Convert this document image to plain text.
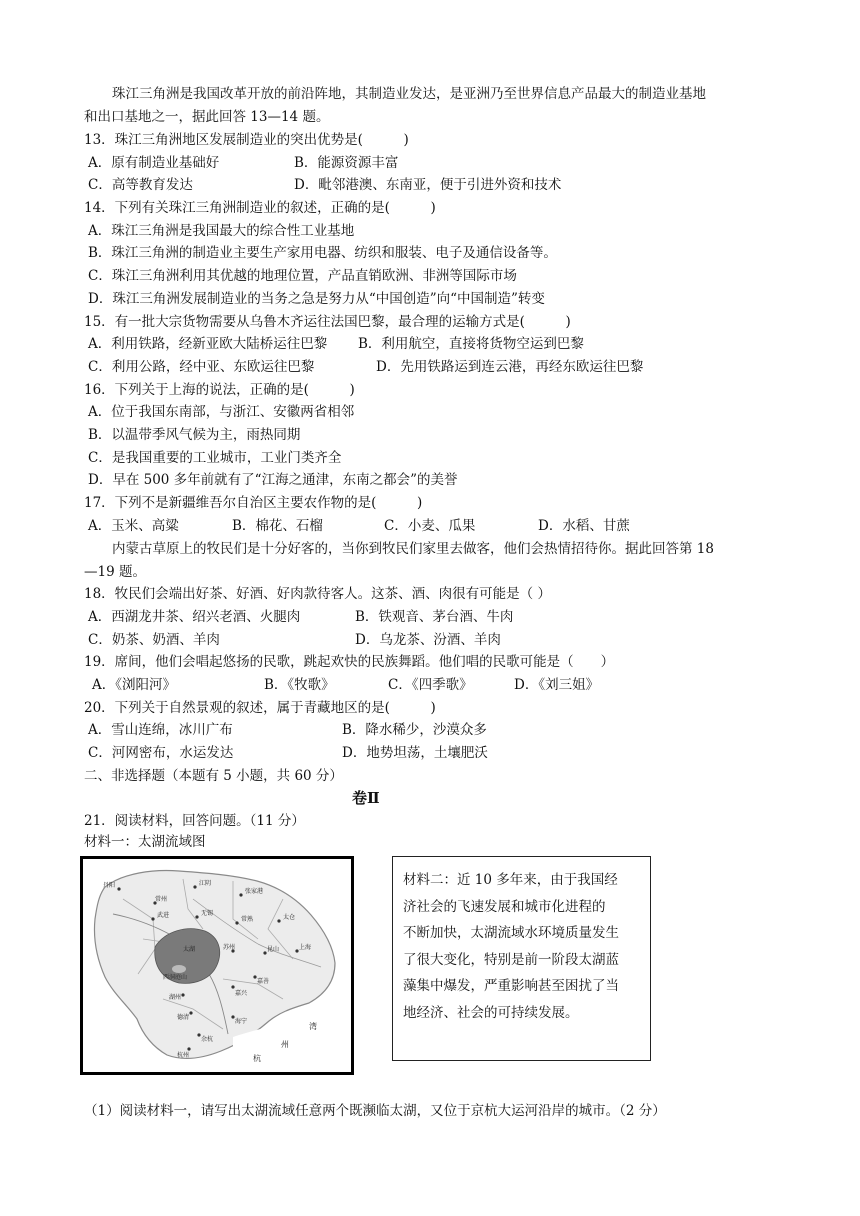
珠江三角洲是我国改革开放的前沿阵地，其制造业发达，是亚洲乃至世界信息产品最大的制造业基地
和出口基地之一，据此回答 13—14 题。
13．珠江三角洲地区发展制造业的突出优势是(　　　)
A．原有制造业基础好	B．能源资源丰富
C．高等教育发达	D．毗邻港澳、东南亚，便于引进外资和技术
14．下列有关珠江三角洲制造业的叙述，正确的是(　　　)
A．珠江三角洲是我国最大的综合性工业基地
B．珠江三角洲的制造业主要生产家用电器、纺织和服装、电子及通信设备等。
C．珠江三角洲利用其优越的地理位置，产品直销欧洲、非洲等国际市场
D．珠江三角洲发展制造业的当务之急是努力从“中国创造”向“中国制造”转变
15．有一批大宗货物需要从乌鲁木齐运往法国巴黎，最合理的运输方式是(　　　)
A．利用铁路，经新亚欧大陆桥运往巴黎 B．利用航空，直接将货物空运到巴黎
C．利用公路，经中亚、东欧运往巴黎	D．先用铁路运到连云港，再经东欧运往巴黎
16．下列关于上海的说法，正确的是(　　　)
A．位于我国东南部，与浙江、安徽两省相邻
B．以温带季风气候为主，雨热同期
C．是我国重要的工业城市，工业门类齐全
D．早在 500 多年前就有了“江海之通津，东南之都会”的美誉
17．下列不是新疆维吾尔自治区主要农作物的是(　　　)
A．玉米、高粱	B．棉花、石榴	C．小麦、瓜果	D．水稻、甘蔗
内蒙古草原上的牧民们是十分好客的，当你到牧民们家里去做客，他们会热情招待你。据此回答第 18
—19 题。
18．牧民们会端出好茶、好酒、好肉款待客人。这茶、酒、肉很有可能是（ ）
A．西湖龙井茶、绍兴老酒、火腿肉	B．铁观音、茅台酒、牛肉
C．奶茶、奶酒、羊肉	D．乌龙茶、汾酒、羊肉
19．席间，他们会唱起悠扬的民歌，跳起欢快的民族舞蹈。他们唱的民歌可能是（　　）
A．《浏阳河》	B．《牧歌》	C．《四季歌》	D．《刘三姐》
20．下列关于自然景观的叙述，属于青藏地区的是(　　　)
A．雪山连绵，冰川广布	B．降水稀少，沙漠众多
C．河网密布，水运发达	D．地势坦荡，土壤肥沃
二、非选择题（本题有 5 小题，共 60 分）
卷Ⅱ
21．阅读材料，回答问题。（11 分）
材料一：太湖流域图
丹阳
常州
江阴
张家港
武进	无锡
常熟	太仓
太湖
西洞庭山
苏州	昆山	上海
湖州
嘉兴
嘉善
德清
海宁
余杭
杭州
湾
州
杭
材料二：近 10 多年来，由于我国经
济社会的飞速发展和城市化进程的
不断加快，太湖流域水环境质量发生
了很大变化，特别是前一阶段太湖蓝
藻集中爆发，严重影响甚至困扰了当
地经济、社会的可持续发展。
（1）阅读材料一，请写出太湖流域任意两个既濒临太湖，又位于京杭大运河沿岸的城市。（2 分）
